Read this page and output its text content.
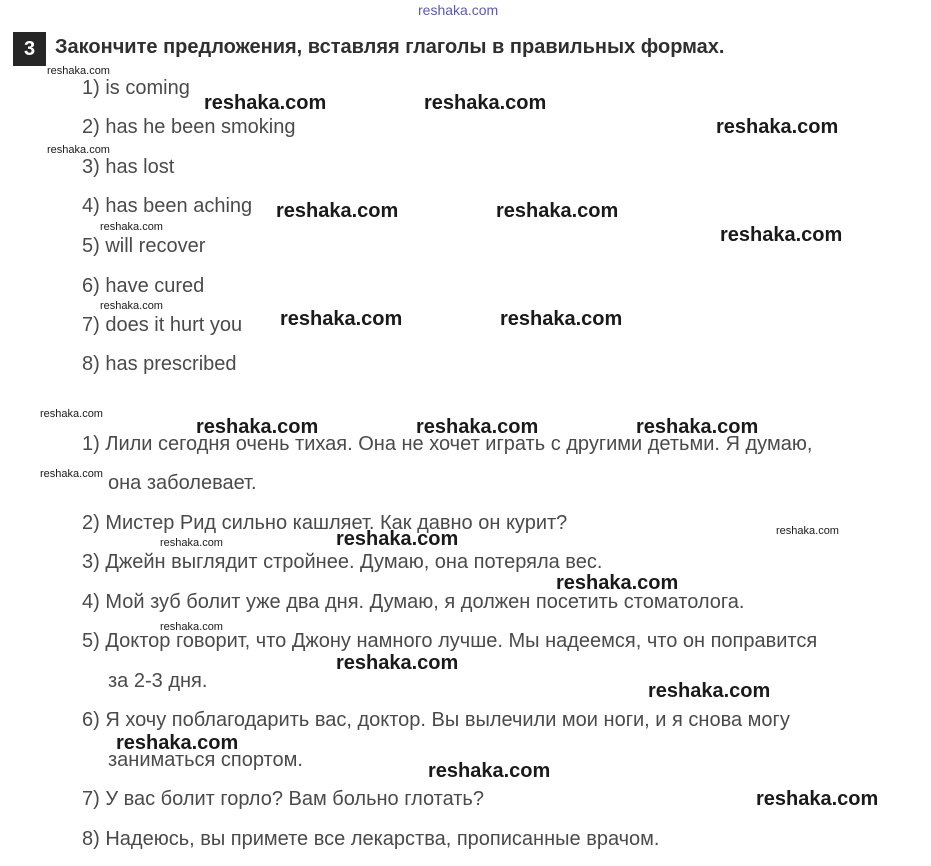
reshaka.com
3 Закончите предложения, вставляя глаголы в правильных формах.
1) is coming
2) has he been smoking
3) has lost
4) has been aching
5) will recover
6) have cured
7) does it hurt you
8) has prescribed
1) Лили сегодня очень тихая. Она не хочет играть с другими детьми. Я думаю,
она заболевает.
2) Мистер Рид сильно кашляет. Как давно он курит?
3) Джейн выглядит стройнее. Думаю, она потеряла вес.
4) Мой зуб болит уже два дня. Думаю, я должен посетить стоматолога.
5) Доктор говорит, что Джону намного лучше. Мы надеемся, что он поправится
за 2-3 дня.
6) Я хочу поблагодарить вас, доктор. Вы вылечили мои ноги, и я снова могу
заниматься спортом.
7) У вас болит горло? Вам больно глотать?
8) Надеюсь, вы примете все лекарства, прописанные врачом.
reshaka.com
reshaka.com
reshaka.com
reshaka.com
reshaka.com
reshaka.com
reshaka.com
reshaka.com
reshaka.com
reshaka.com	reshaka.com
reshaka.com
reshaka.com	reshaka.com
reshaka.com
reshaka.com	reshaka.com
reshaka.com	reshaka.com	reshaka.com
reshaka.com
reshaka.com
reshaka.com
reshaka.com
reshaka.com
reshaka.com
reshaka.com
